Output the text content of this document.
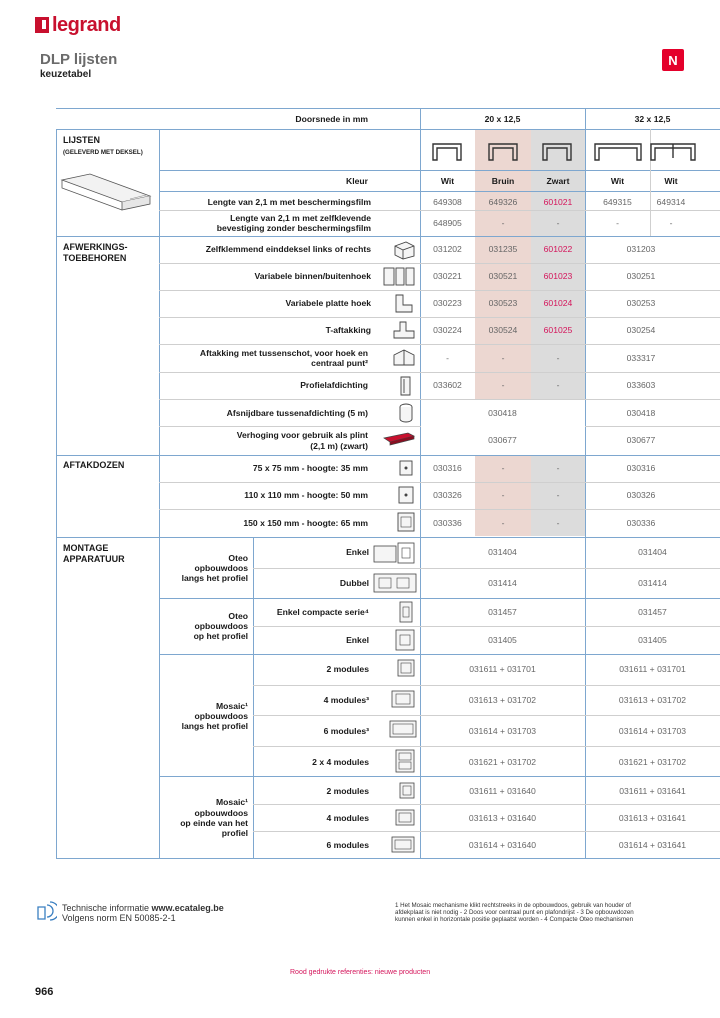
legrand
DLP lijsten
keuzetabel
N
Doorsnede in mm	20 x 12,5	32 x 12,5
Kleur	Wit	Bruin	Zwart	Wit	Wit
LIJSTEN
(GELEVERD MET DEKSEL)
AFWERKINGS-
TOEBEHOREN
AFTAKDOZEN
MONTAGE
APPARATUUR
Lengte van 2,1 m met beschermingsfilm	649308	649326	601021	649315	649314
Lengte van 2,1 m met zelfklevende
bevestiging zonder beschermingsfilm	648905	-	-	-	-
Zelfklemmend einddeksel links of rechts	031202	031235	601022	031203
Variabele binnen/buitenhoek	030221	030521	601023	030251
Variabele platte hoek	030223	030523	601024	030253
T-aftakking	030224	030524	601025	030254
Aftakking met tussenschot, voor hoek en
centraal punt²	-	-	-	033317
Profielafdichting	033602	-	-	033603
Afsnijdbare tussenafdichting (5 m)	030418	030418
Verhoging voor gebruik als plint
(2,1 m) (zwart)
030677	030677
75 x 75 mm - hoogte: 35 mm	030316	-	-	030316
110 x 110 mm - hoogte: 50 mm	030326	-	-	030326
150 x 150 mm - hoogte: 65 mm	030336	-	-	030336
Oteo
opbouwdoos
langs het profiel
Oteo
opbouwdoos
op het profiel
Mosaic¹
opbouwdoos
langs het profiel
Mosaic¹
opbouwdoos
op einde van het
profiel
Enkel	031404	031404
Dubbel	031414	031414
Enkel compacte serie⁴	031457	031457
Enkel	031405	031405
2 modules	031611 + 031701	031611 + 031701
4 modules³	031613 + 031702	031613 + 031702
6 modules³	031614 + 031703	031614 + 031703
2 x 4 modules	031621 + 031702	031621 + 031702
2 modules	031611 + 031640	031611 + 031641
4 modules	031613 + 031640	031613 + 031641
6 modules	031614 + 031640	031614 + 031641
Technische informatie www.ecataleg.be
Volgens norm EN 50085-2-1
1 Het Mosaic mechanisme klikt rechtstreeks in de opbouwdoos, gebruik van houder of
afdekplaat is niet nodig - 2 Doos voor centraal punt en plafondrijst - 3 De opbouwdozen
kunnen enkel in horizontale positie geplaatst worden - 4 Compacte Oteo mechanismen
Rood gedrukte referenties: nieuwe producten
966
